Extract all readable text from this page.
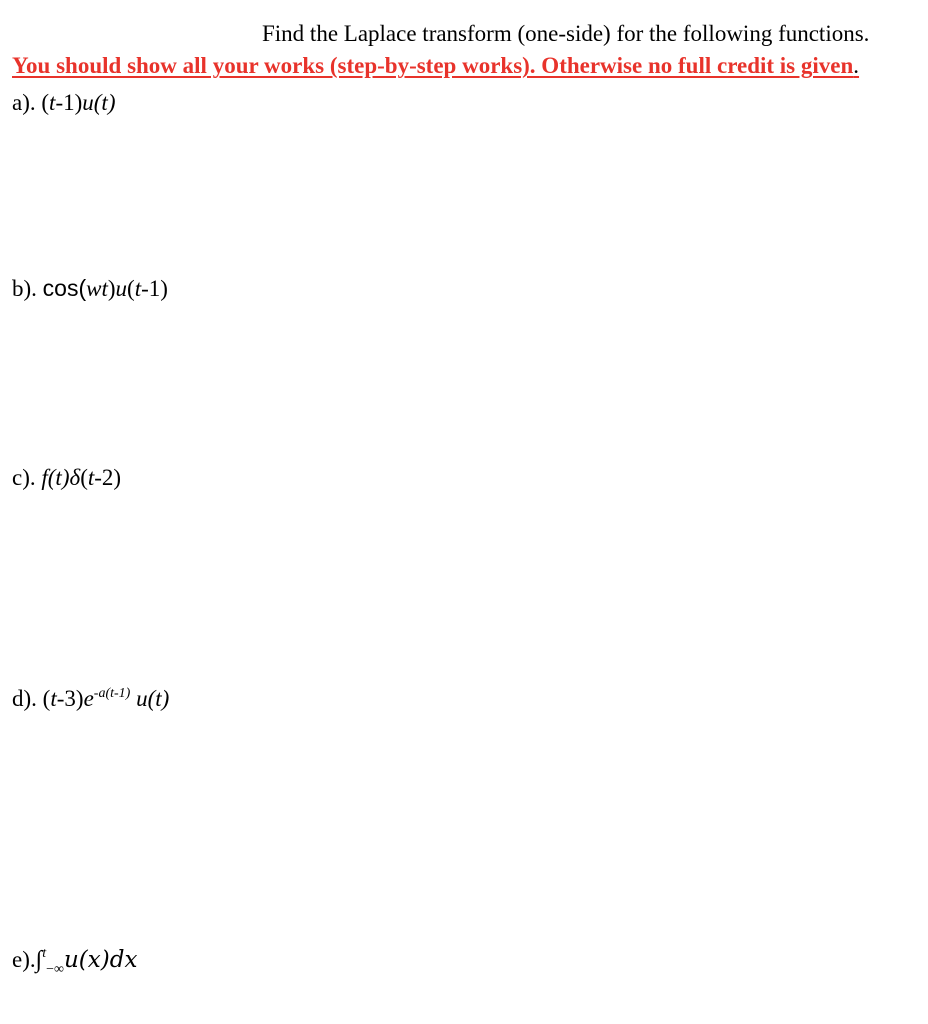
Find the Laplace transform (one-side) for the following functions.
You should show all your works (step-by-step works). Otherwise no full credit is given.
a). (t-1)u(t)
b). cos(wt)u(t-1)
c). f(t)δ(t-2)
d). $(t-3)e^{-a(t-1)}$ u(t)
e).∫$^t_{-\infty}$u(x)dx
